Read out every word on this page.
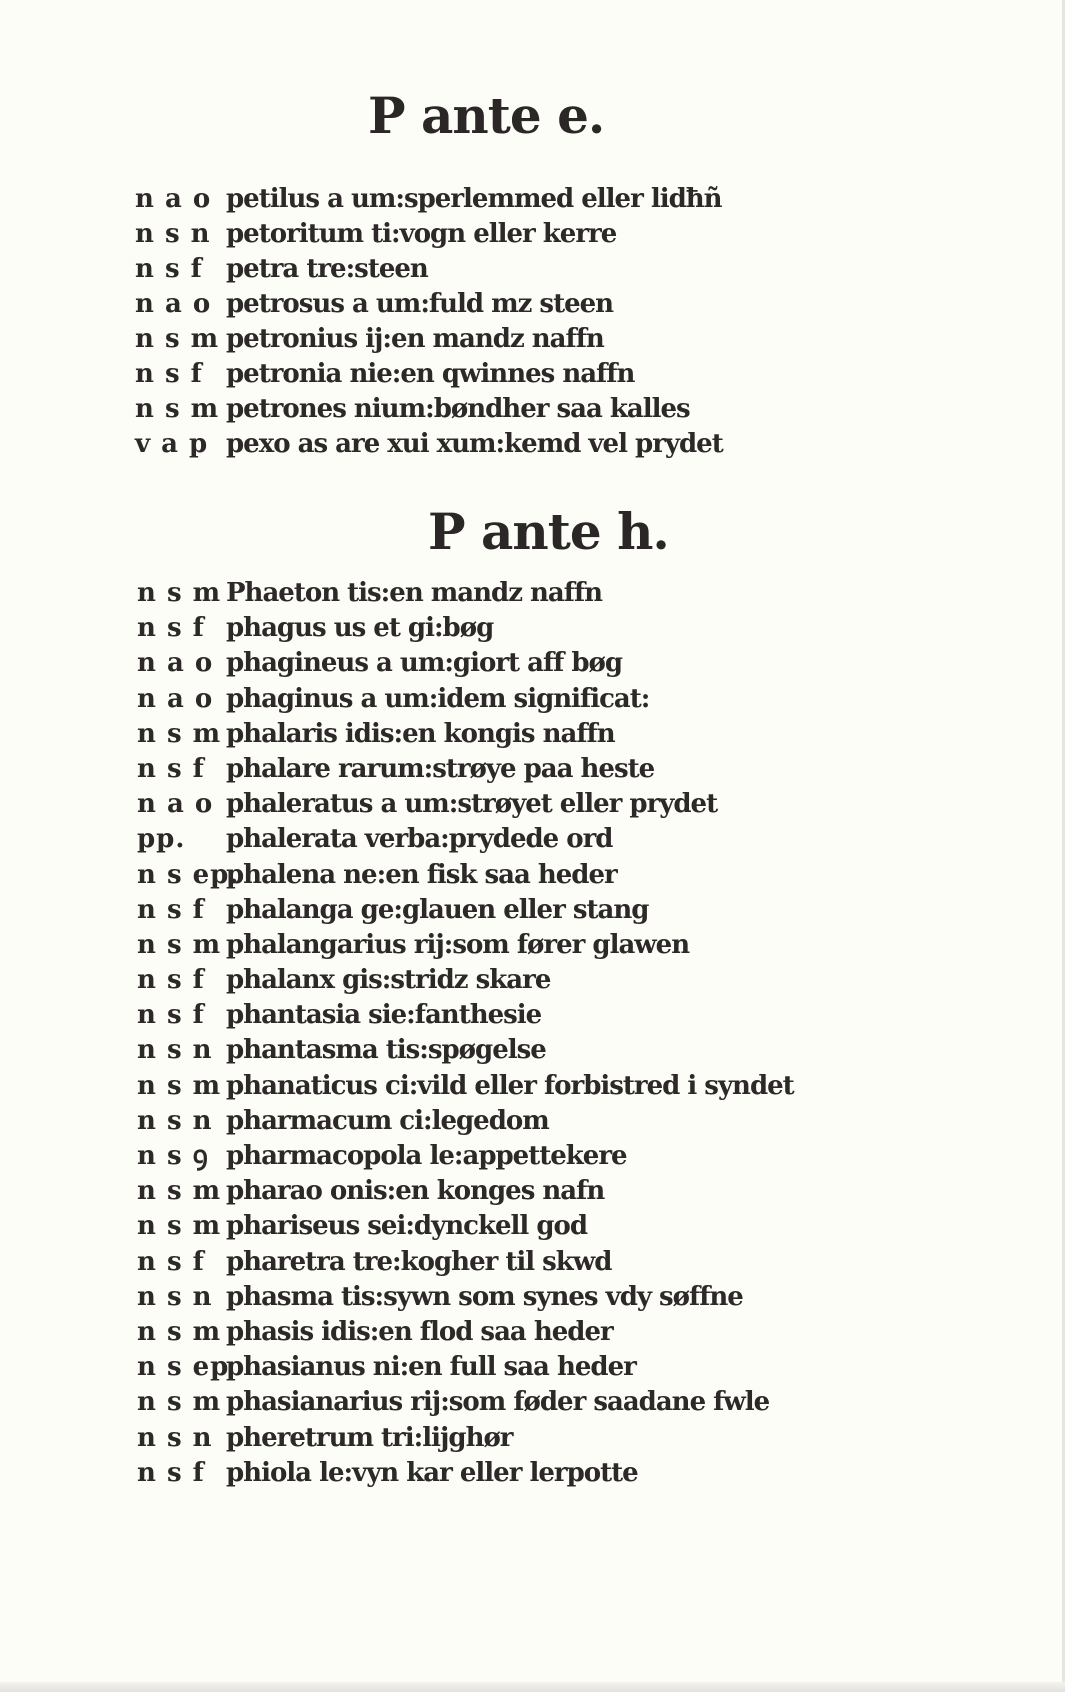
P ante e.
n a o petilus a um:sperlemmed eller lidħñ
n s n petoritum ti:vogn eller kerre
n s f petra tre:steen
n a o petrosus a um:fuld mz steen
n s m petronius ij:en mandz naffn
n s f petronia nie:en qwinnes naffn
n s m petrones nium:bøndher saa kalles
v a p pexo as are xui xum:kemd vel prydet
P ante h.
n s m Phaeton tis:en mandz naffn
n s f phagus us et gi:bøg
n a o phagineus a um:giort aff bøg
n a o phaginus a um:idem significat:
n s m phalaris idis:en kongis naffn
n s f phalare rarum:strøye paa heste
n a o phaleratus a um:strøyet eller prydet
pp. phalerata verba:prydede ord
n s ep.
phalena ne:en fisk saa heder
n s f phalanga ge:glauen eller stang
n s m phalangarius rij:som fører glawen
n s f phalanx gis:stridz skare
n s f phantasia sie:fanthesie
n s n phantasma tis:spøgelse
n s m phanaticus ci:vild eller forbistred i syndet
n s n pharmacum ci:legedom
n s ꝯ pharmacopola le:appettekere
n s m pharao onis:en konges nafn
n s m phariseus sei:dynckell god
n s f pharetra tre:kogher til skwd
n s n phasma tis:sywn som synes vdy søffne
n s m phasis idis:en flod saa heder
n s ep
phasianus ni:en full saa heder
n s m phasianarius rij:som føder saadane fwle
n s n pheretrum tri:lijghør
n s f phiola le:vyn kar eller lerpotte
